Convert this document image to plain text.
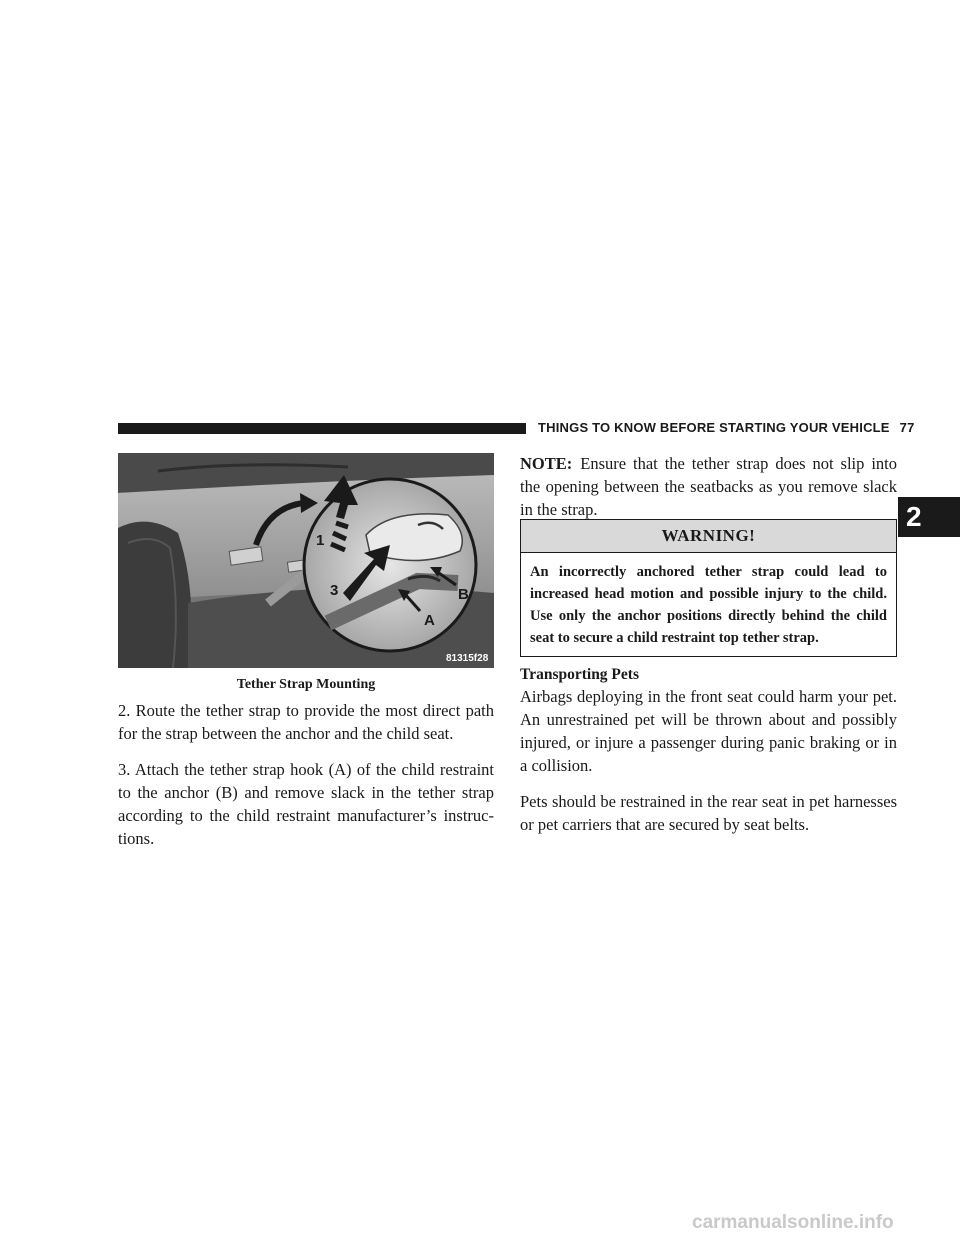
THINGS TO KNOW BEFORE STARTING YOUR VEHICLE 77
2
1
3	B
A
81315f28
Tether Strap Mounting

2. Route the tether strap to provide the most direct path for the strap between the anchor and the child seat.

3. Attach the tether strap hook (A) of the child restraint to the anchor (B) and remove slack in the tether strap according to the child restraint manufacturer’s instruc-tions.

NOTE: Ensure that the tether strap does not slip into the opening between the seatbacks as you remove slack in the strap.

WARNING!
An incorrectly anchored tether strap could lead to increased head motion and possible injury to the child. Use only the anchor positions directly behind the child seat to secure a child restraint top tether strap.
Transporting Pets

Airbags deploying in the front seat could harm your pet. An unrestrained pet will be thrown about and possibly injured, or injure a passenger during panic braking or in a collision.

Pets should be restrained in the rear seat in pet harnesses or pet carriers that are secured by seat belts.

carmanualsonline.info
